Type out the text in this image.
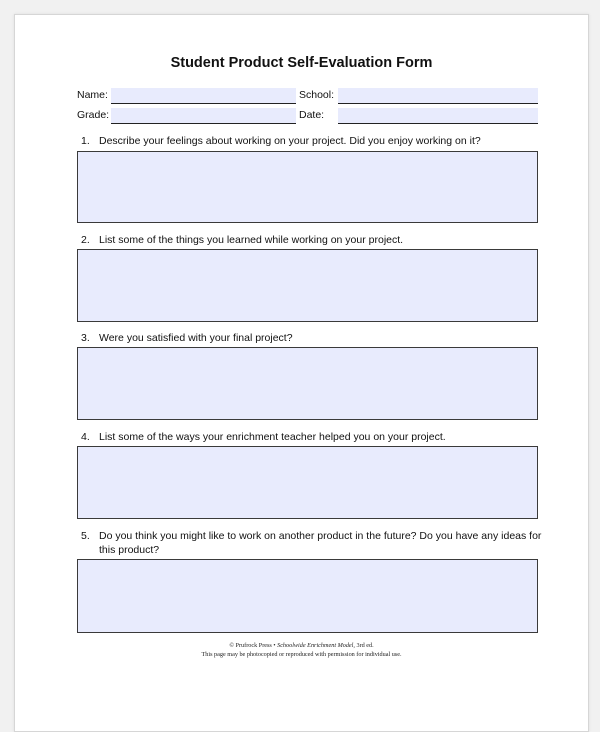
Student Product Self-Evaluation Form
Name:	School:
Grade:	Date:
1. Describe your feelings about working on your project. Did you enjoy working on it?
2. List some of the things you learned while working on your project.
3. Were you satisfied with your final project?
4. List some of the ways your enrichment teacher helped you on your project.
5. Do you think you might like to work on another product in the future? Do you have any ideas for this product?
© Prufrock Press • Schoolwide Enrichment Model, 3rd ed.
This page may be photocopied or reproduced with permission for individual use.
